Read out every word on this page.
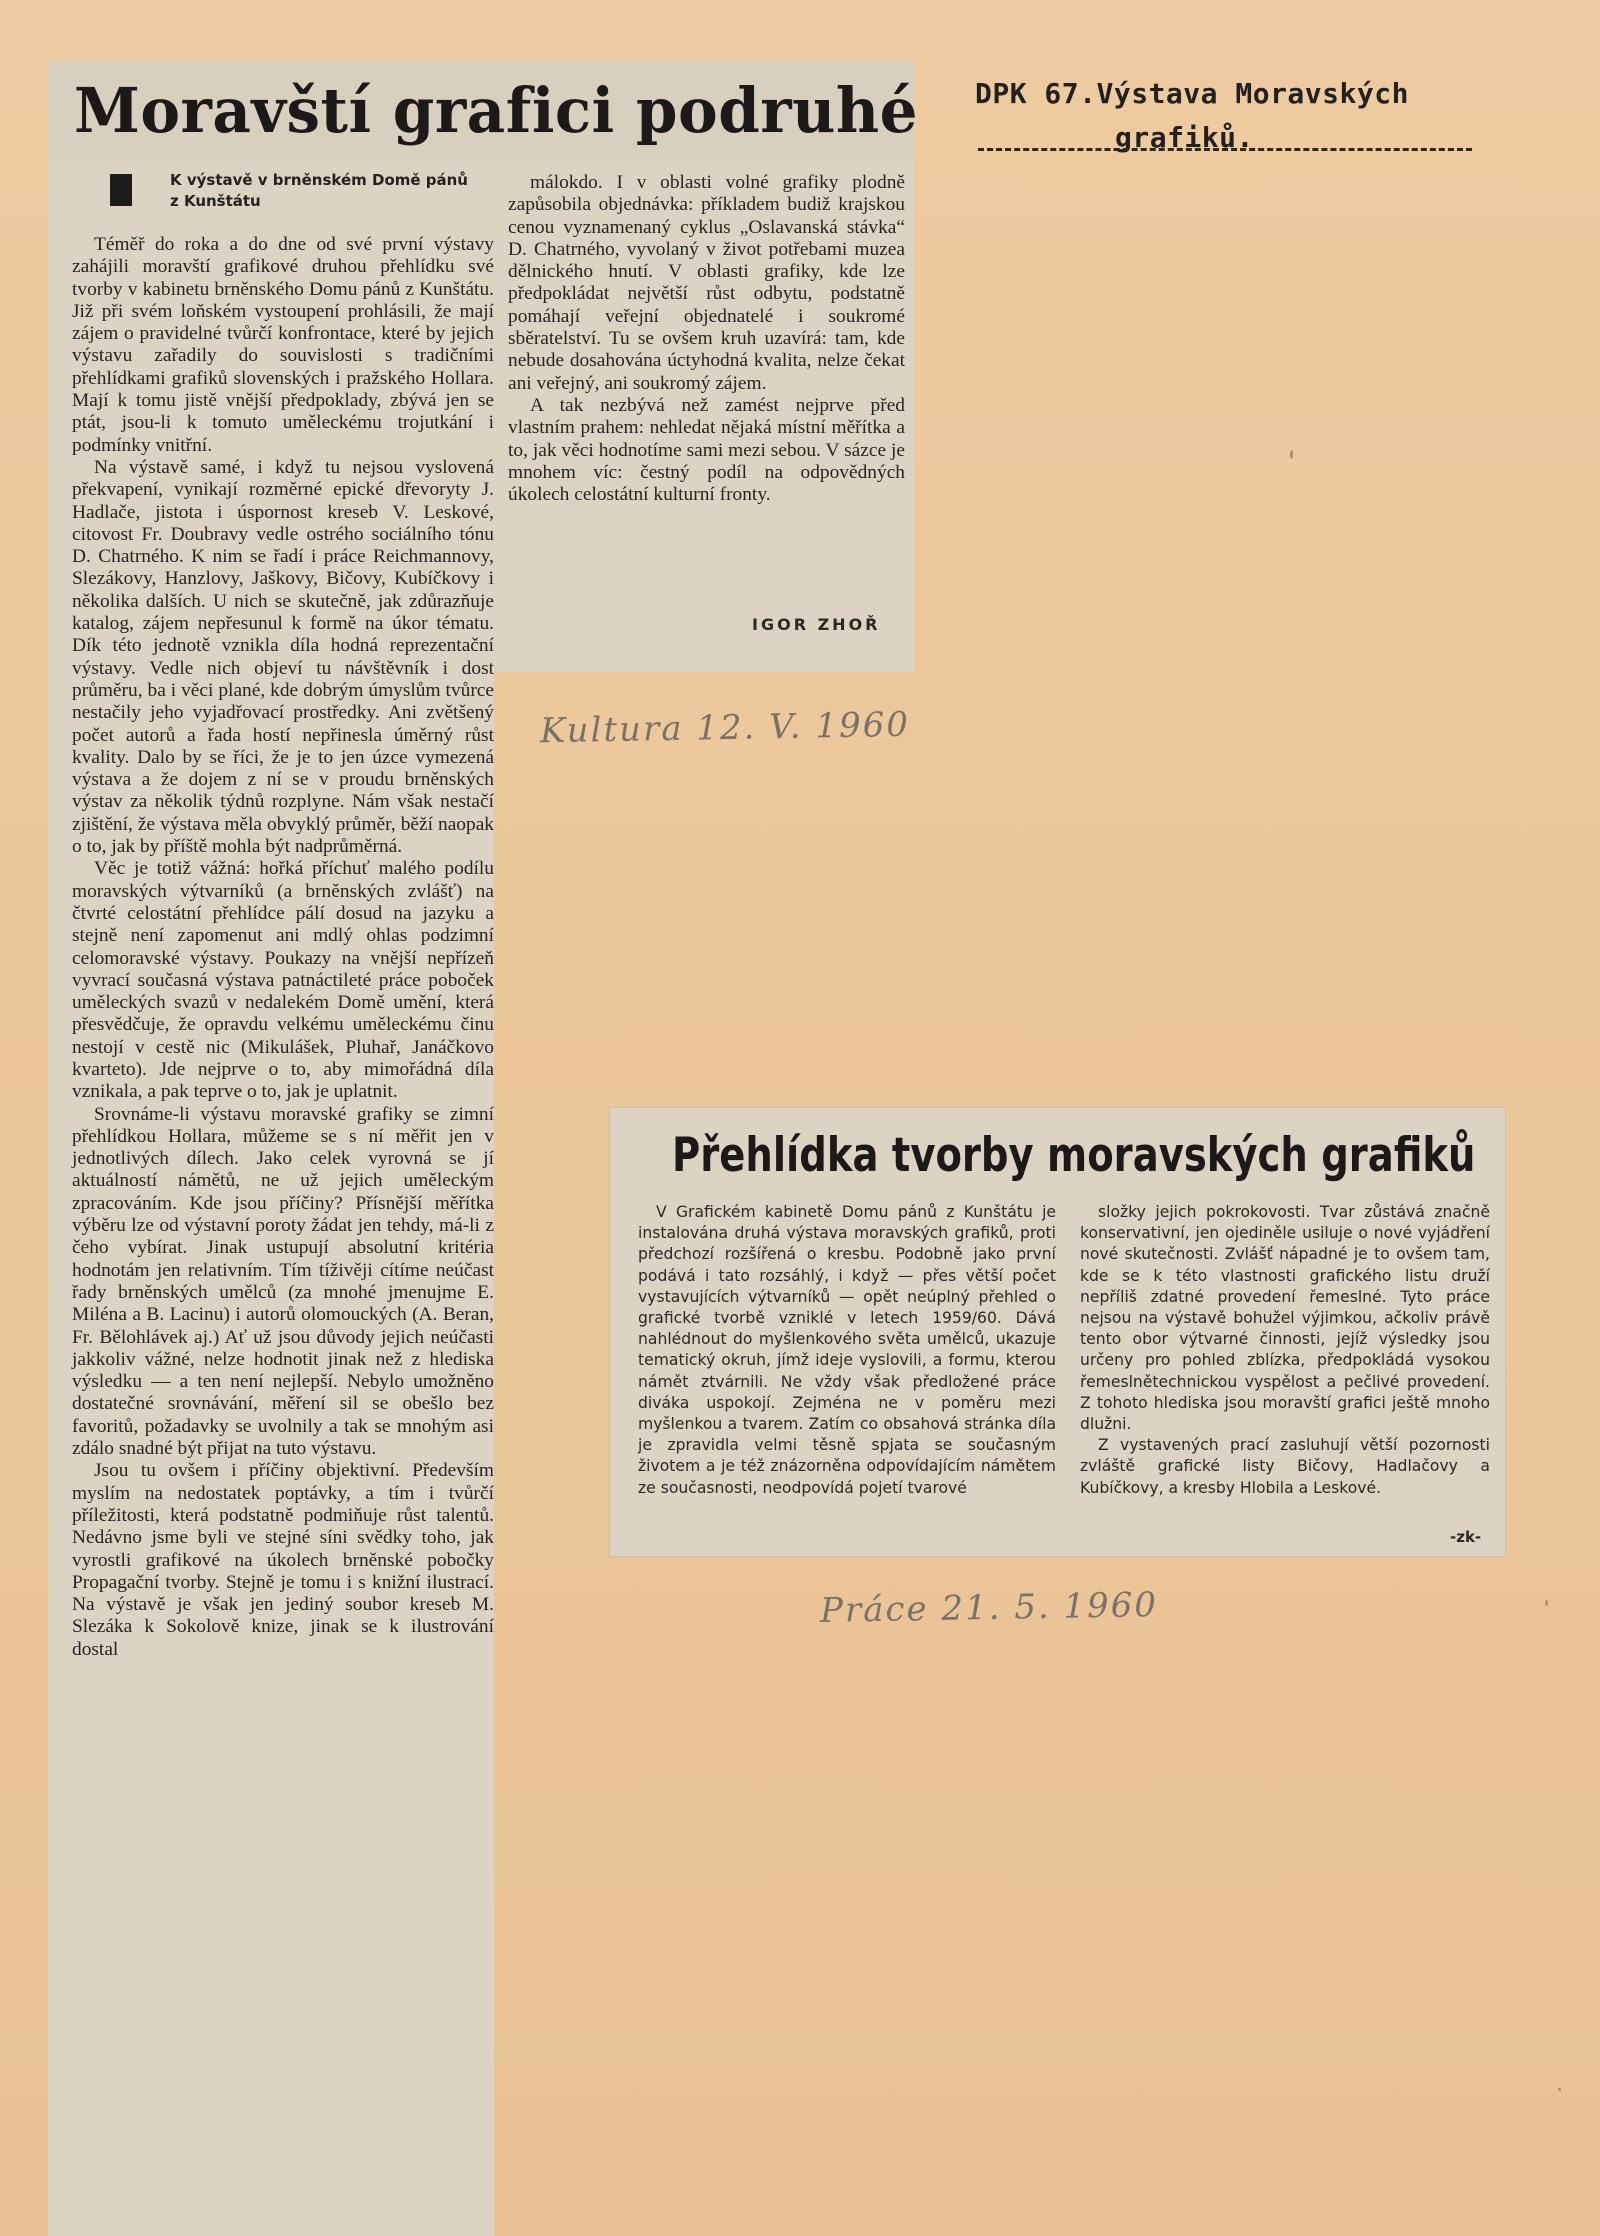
Moravští grafici podruhé
K výstavě v brněnském Domě pánů z Kunštátu

Téměř do roka a do dne od své první výstavy zahájili moravští grafikové druhou přehlídku své tvorby v kabinetu brněnského Domu pánů z Kunštátu. Již při svém loňském vystoupení prohlásili, že mají zájem o pravidelné tvůrčí konfrontace, které by jejich výstavu zařadily do souvislosti s tradičními přehlídkami grafiků slovenských i pražského Hollara. Mají k tomu jistě vnější předpoklady, zbývá jen se ptát, jsou-li k tomuto uměleckému trojutkání i podmínky vnitřní.

Na výstavě samé, i když tu nejsou vyslovená překvapení, vynikají rozměrné epické dřevoryty J. Hadlače, jistota i úspornost kreseb V. Leskové, citovost Fr. Doubravy vedle ostrého sociálního tónu D. Chatrného. K nim se řadí i práce Reichmannovy, Slezákovy, Hanzlovy, Jaškovy, Bičovy, Kubíčkovy i několika dalších. U nich se skutečně, jak zdůrazňuje katalog, zájem nepřesunul k formě na úkor tématu. Dík této jednotě vznikla díla hodná reprezentační výstavy. Vedle nich objeví tu návštěvník i dost průměru, ba i věci plané, kde dobrým úmyslům tvůrce nestačily jeho vyjadřovací prostředky. Ani zvětšený počet autorů a řada hostí nepřinesla úměrný růst kvality. Dalo by se říci, že je to jen úzce vymezená výstava a že dojem z ní se v proudu brněnských výstav za několik týdnů rozplyne. Nám však nestačí zjištění, že výstava měla obvyklý průměr, běží naopak o to, jak by příště mohla být nadprůměrná.

Věc je totiž vážná: hořká příchuť malého podílu moravských výtvarníků (a brněnských zvlášť) na čtvrté celostátní přehlídce pálí dosud na jazyku a stejně není zapomenut ani mdlý ohlas podzimní celomoravské výstavy. Poukazy na vnější nepřízeň vyvrací současná výstava patnáctileté práce poboček uměleckých svazů v nedalekém Domě umění, která přesvědčuje, že opravdu velkému uměleckému činu nestojí v cestě nic (Mikulášek, Pluhař, Janáčkovo kvarteto). Jde nejprve o to, aby mimořádná díla vznikala, a pak teprve o to, jak je uplatnit.

Srovnáme-li výstavu moravské grafiky se zimní přehlídkou Hollara, můžeme se s ní měřit jen v jednotlivých dílech. Jako celek vyrovná se jí aktuálností námětů, ne už jejich uměleckým zpracováním. Kde jsou příčiny? Přísnější měřítka výběru lze od výstavní poroty žádat jen tehdy, má-li z čeho vybírat. Jinak ustupují absolutní kritéria hodnotám jen relativním. Tím tíživěji cítíme neúčast řady brněnských umělců (za mnohé jmenujme E. Miléna a B. Lacinu) i autorů olomouckých (A. Beran, Fr. Bělohlávek aj.) Ať už jsou důvody jejich neúčasti jakkoliv vážné, nelze hodnotit jinak než z hlediska výsledku — a ten není nejlepší. Nebylo umožněno dostatečné srovnávání, měření sil se obešlo bez favoritů, požadavky se uvolnily a tak se mnohým asi zdálo snadné být přijat na tuto výstavu.

Jsou tu ovšem i příčiny objektivní. Především myslím na nedostatek poptávky, a tím i tvůrčí příležitosti, která podstatně podmiňuje růst talentů. Nedávno jsme byli ve stejné síni svědky toho, jak vyrostli grafikové na úkolech brněnské pobočky Propagační tvorby. Stejně je tomu i s knižní ilustrací. Na výstavě je však jen jediný soubor kreseb M. Slezáka k Sokolově knize, jinak se k ilustrování dostal

málokdo. I v oblasti volné grafiky plodně zapůsobila objednávka: příkladem budiž krajskou cenou vyznamenaný cyklus „Oslavanská stávka“ D. Chatrného, vyvolaný v život potřebami muzea dělnického hnutí. V oblasti grafiky, kde lze předpokládat největší růst odbytu, podstatně pomáhají veřejní objednatelé i soukromé sběratelství. Tu se ovšem kruh uzavírá: tam, kde nebude dosahována úctyhodná kvalita, nelze čekat ani veřejný, ani soukromý zájem.

A tak nezbývá než zamést nejprve před vlastním prahem: nehledat nějaká místní měřítka a to, jak věci hodnotíme sami mezi sebou. V sázce je mnohem víc: čestný podíl na odpovědných úkolech celostátní kulturní fronty.

IGOR ZHOŘ
DPK 67.Výstava Moravských
grafiků.
Kultura 12. V. 1960
Práce 21. 5. 1960
Přehlídka tvorby moravských grafiků

V Grafickém kabinetě Domu pánů z Kunštátu je instalována druhá výstava moravských grafiků, proti předchozí rozšířená o kresbu. Podobně jako první podává i tato rozsáhlý, i když — přes větší počet vystavujících výtvarníků — opět neúplný přehled o grafické tvorbě vzniklé v letech 1959/60. Dává nahlédnout do myšlenkového světa umělců, ukazuje tematický okruh, jímž ideje vyslovili, a formu, kterou námět ztvárnili. Ne vždy však předložené práce diváka uspokojí. Zejména ne v poměru mezi myšlenkou a tvarem. Zatím co obsahová stránka díla je zpravidla velmi těsně spjata se současným životem a je též znázorněna odpovídajícím námětem ze současnosti, neodpovídá pojetí tvarové

složky jejich pokrokovosti. Tvar zůstává značně konservativní, jen ojediněle usiluje o nové vyjádření nové skutečnosti. Zvlášť nápadné je to ovšem tam, kde se k této vlastnosti grafického listu druží nepříliš zdatné provedení řemeslné. Tyto práce nejsou na výstavě bohužel výjimkou, ačkoliv právě tento obor výtvarné činnosti, jejíž výsledky jsou určeny pro pohled zblízka, předpokládá vysokou řemeslnětechnickou vyspělost a pečlivé provedení. Z tohoto hlediska jsou moravští grafici ještě mnoho dlužni.

Z vystavených prací zasluhují větší pozornosti zvláště grafické listy Bičovy, Hadlačovy a Kubíčkovy, a kresby Hlobila a Leskové.

-zk-
